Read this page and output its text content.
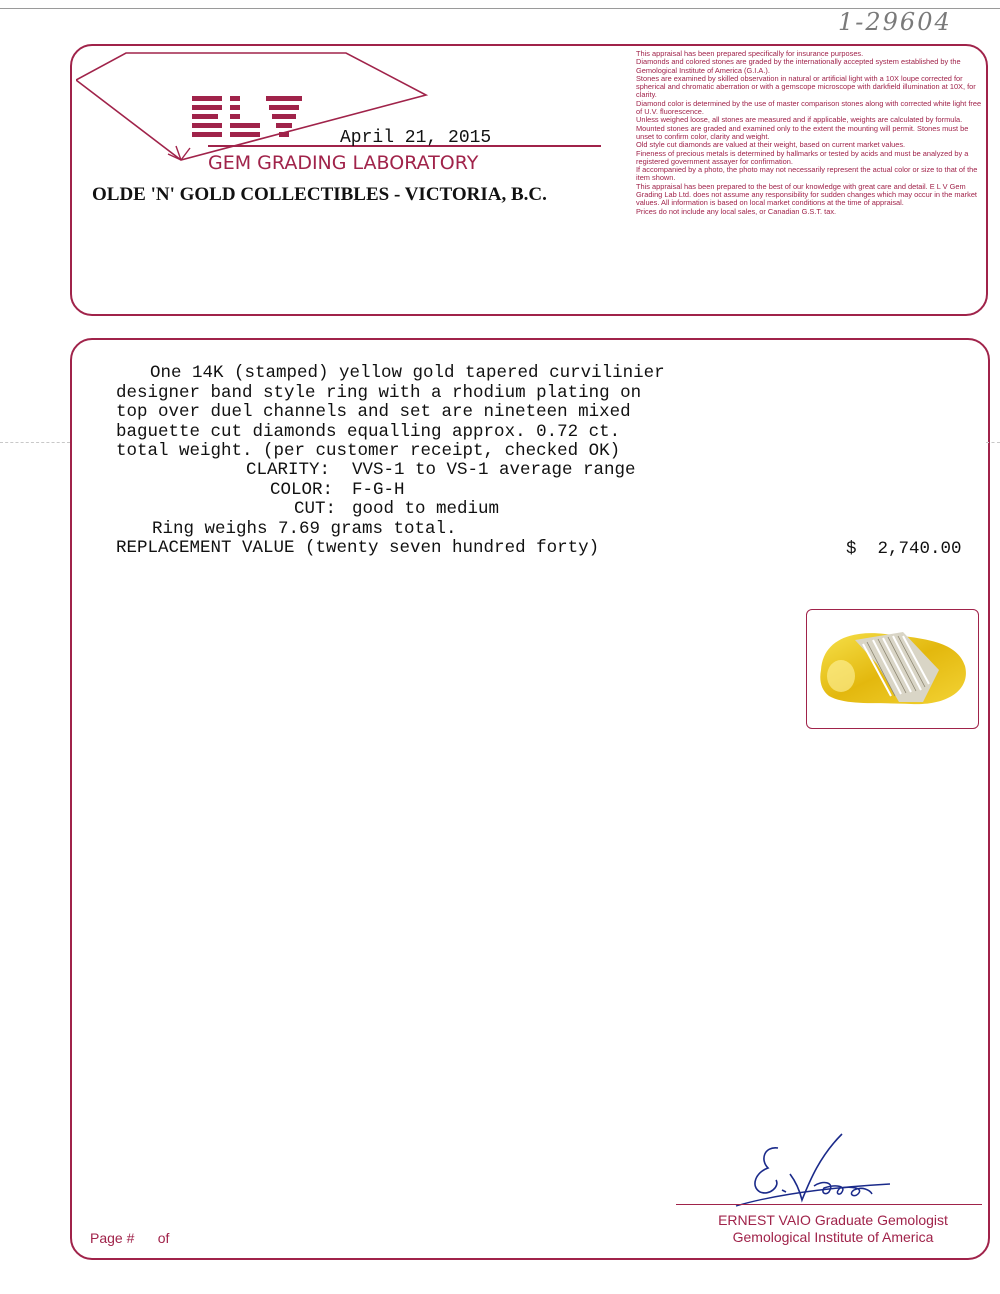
1-29604
April 21, 2015
GEM GRADING LABORATORY
OLDE 'N' GOLD COLLECTIBLES - VICTORIA, B.C.
This appraisal has been prepared specifically for insurance purposes.
Diamonds and colored stones are graded by the internationally accepted system established by the Gemological Institute of America (G.I.A.).
Stones are examined by skilled observation in natural or artificial light with a 10X loupe corrected for spherical and chromatic aberration or with a gemscope microscope with darkfield illumination at 10X, for clarity.
Diamond color is determined by the use of master comparison stones along with corrected white light free of U.V. fluorescence.
Unless weighed loose, all stones are measured and if applicable, weights are calculated by formula.
Mounted stones are graded and examined only to the extent the mounting will permit. Stones must be unset to confirm color, clarity and weight.
Old style cut diamonds are valued at their weight, based on current market values.
Fineness of precious metals is determined by hallmarks or tested by acids and must be analyzed by a registered government assayer for confirmation.
If accompanied by a photo, the photo may not necessarily represent the actual color or size to that of the item shown.
This appraisal has been prepared to the best of our knowledge with great care and detail. E L V Gem Grading Lab Ltd. does not assume any responsibility for sudden changes which may occur in the market values. All information is based on local market conditions at the time of appraisal.
Prices do not include any local sales, or Canadian G.S.T. tax.
One 14K (stamped) yellow gold tapered curvilinier
designer band style ring with a rhodium plating on
top over duel channels and set are nineteen mixed
baguette cut diamonds equalling approx. 0.72 ct.
total weight. (per customer receipt, checked OK)
CLARITY: VVS-1 to VS-1 average range
COLOR: F-G-H
CUT: good to medium
Ring weighs 7.69 grams total.
REPLACEMENT VALUE (twenty seven hundred forty)	$ 2,740.00
ERNEST VAIO Graduate Gemologist
Gemological Institute of America
Page # of
